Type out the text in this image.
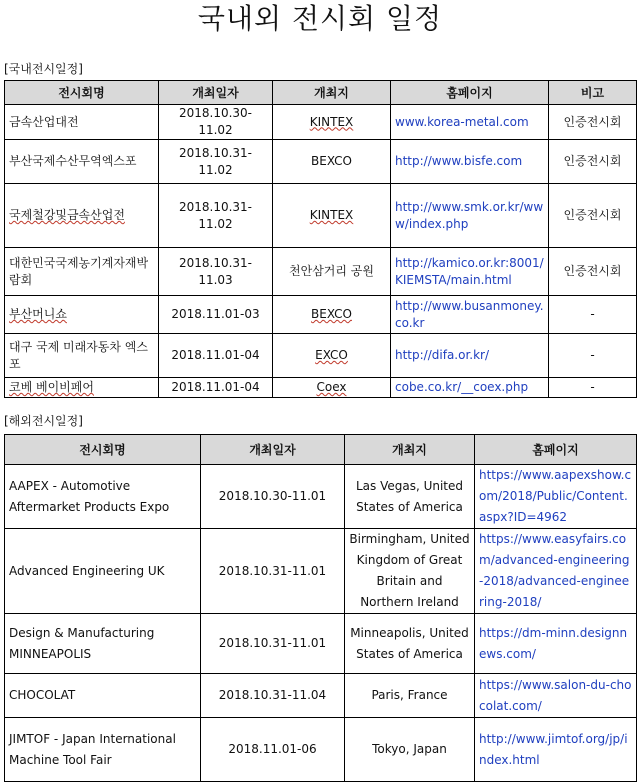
국내외 전시회 일정
[국내전시일정]
전시회명	개최일자	개최지	홈페이지	비고
금속산업대전	2018.10.30-11.02	KINTEX	www.korea-metal.com	인증전시회
부산국제수산무역엑스포	2018.10.31-11.02	BEXCO	http://www.bisfe.com	인증전시회
국제철강및금속산업전	2018.10.31-11.02	KINTEX	http://www.smk.or.kr/www/index.php	인증전시회
대한민국국제농기계자재박람회	2018.10.31-11.03	천안삼거리 공원	http://kamico.or.kr:8001/KIEMSTA/main.html	인증전시회
부산머니쇼	2018.11.01-03	BEXCO	http://www.busanmoney.co.kr	-
대구 국제 미래자동차 엑스포	2018.11.01-04	EXCO	http://difa.or.kr/	-
코베 베이비페어	2018.11.01-04	Coex	cobe.co.kr/__coex.php	-
[해외전시일정]
전시회명	개최일자	개최지	홈페이지
AAPEX - Automotive Aftermarket Products Expo	2018.10.30-11.01	Las Vegas, United States of America	https://www.aapexshow.com/2018/Public/Content.aspx?ID=4962
Advanced Engineering UK	2018.10.31-11.01	Birmingham, United Kingdom of Great Britain and Northern Ireland	https://www.easyfairs.com/advanced-engineering-2018/advanced-engineering-2018/
Design & Manufacturing MINNEAPOLIS	2018.10.31-11.01	Minneapolis, United States of America	https://dm-minn.designnews.com/
CHOCOLAT	2018.10.31-11.04	Paris, France	https://www.salon-du-chocolat.com/
JIMTOF - Japan International Machine Tool Fair	2018.11.01-06	Tokyo, Japan	http://www.jimtof.org/jp/index.html
